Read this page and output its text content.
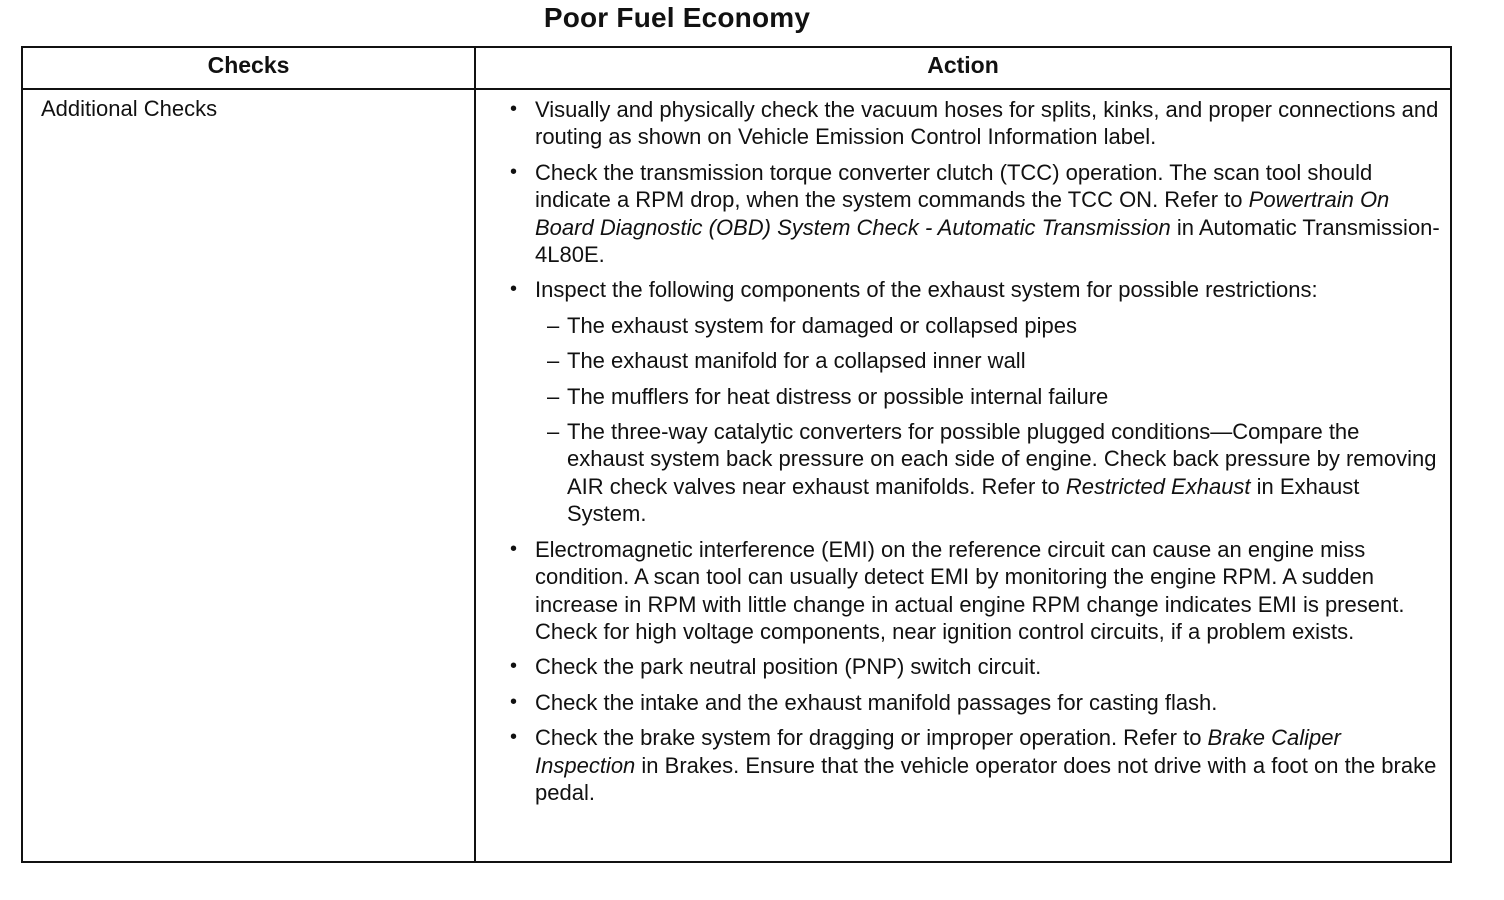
Poor Fuel Economy
Checks	Action
Additional Checks
•	Visually and physically check the vacuum hoses for splits, kinks, and proper connections and routing as shown on Vehicle Emission Control Information label.
• Check the transmission torque converter clutch (TCC) operation. The scan tool should indicate a RPM drop, when the system commands the TCC ON. Refer to Powertrain On Board Diagnostic (OBD) System Check - Automatic Transmission in Automatic Transmission-4L80E.
• Inspect the following components of the exhaust system for possible restrictions:
– The exhaust system for damaged or collapsed pipes
– The exhaust manifold for a collapsed inner wall
– The mufflers for heat distress or possible internal failure
– The three-way catalytic converters for possible plugged conditions—Compare the exhaust system back pressure on each side of engine. Check back pressure by removing AIR check valves near exhaust manifolds. Refer to Restricted Exhaust in Exhaust System.
• Electromagnetic interference (EMI) on the reference circuit can cause an engine miss condition. A scan tool can usually detect EMI by monitoring the engine RPM. A sudden increase in RPM with little change in actual engine RPM change indicates EMI is present. Check for high voltage components, near ignition control circuits, if a problem exists.
• Check the park neutral position (PNP) switch circuit.
• Check the intake and the exhaust manifold passages for casting flash.
• Check the brake system for dragging or improper operation. Refer to Brake Caliper Inspection in Brakes. Ensure that the vehicle operator does not drive with a foot on the brake pedal.
